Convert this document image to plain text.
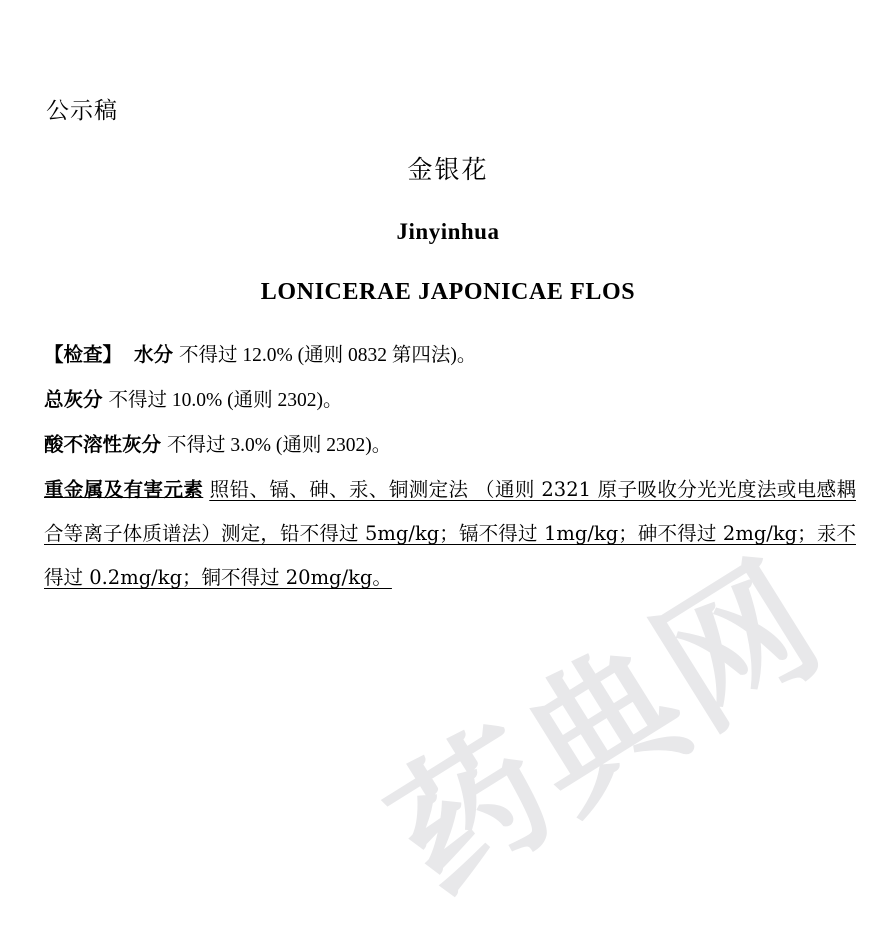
药典网
公示稿
金银花
Jinyinhua
LONICERAE JAPONICAE FLOS
【检查】 水分 不得过 12.0% (通则 0832 第四法)。
总灰分 不得过 10.0% (通则 2302)。
酸不溶性灰分 不得过 3.0% (通则 2302)。
重金属及有害元素 照铅、镉、砷、汞、铜测定法 （通则 2321 原子吸收分光光度法或电感耦合等离子体质谱法）测定，铅不得过 5mg/kg；镉不得过 1mg/kg；砷不得过 2mg/kg；汞不得过 0.2mg/kg；铜不得过 20mg/kg。
